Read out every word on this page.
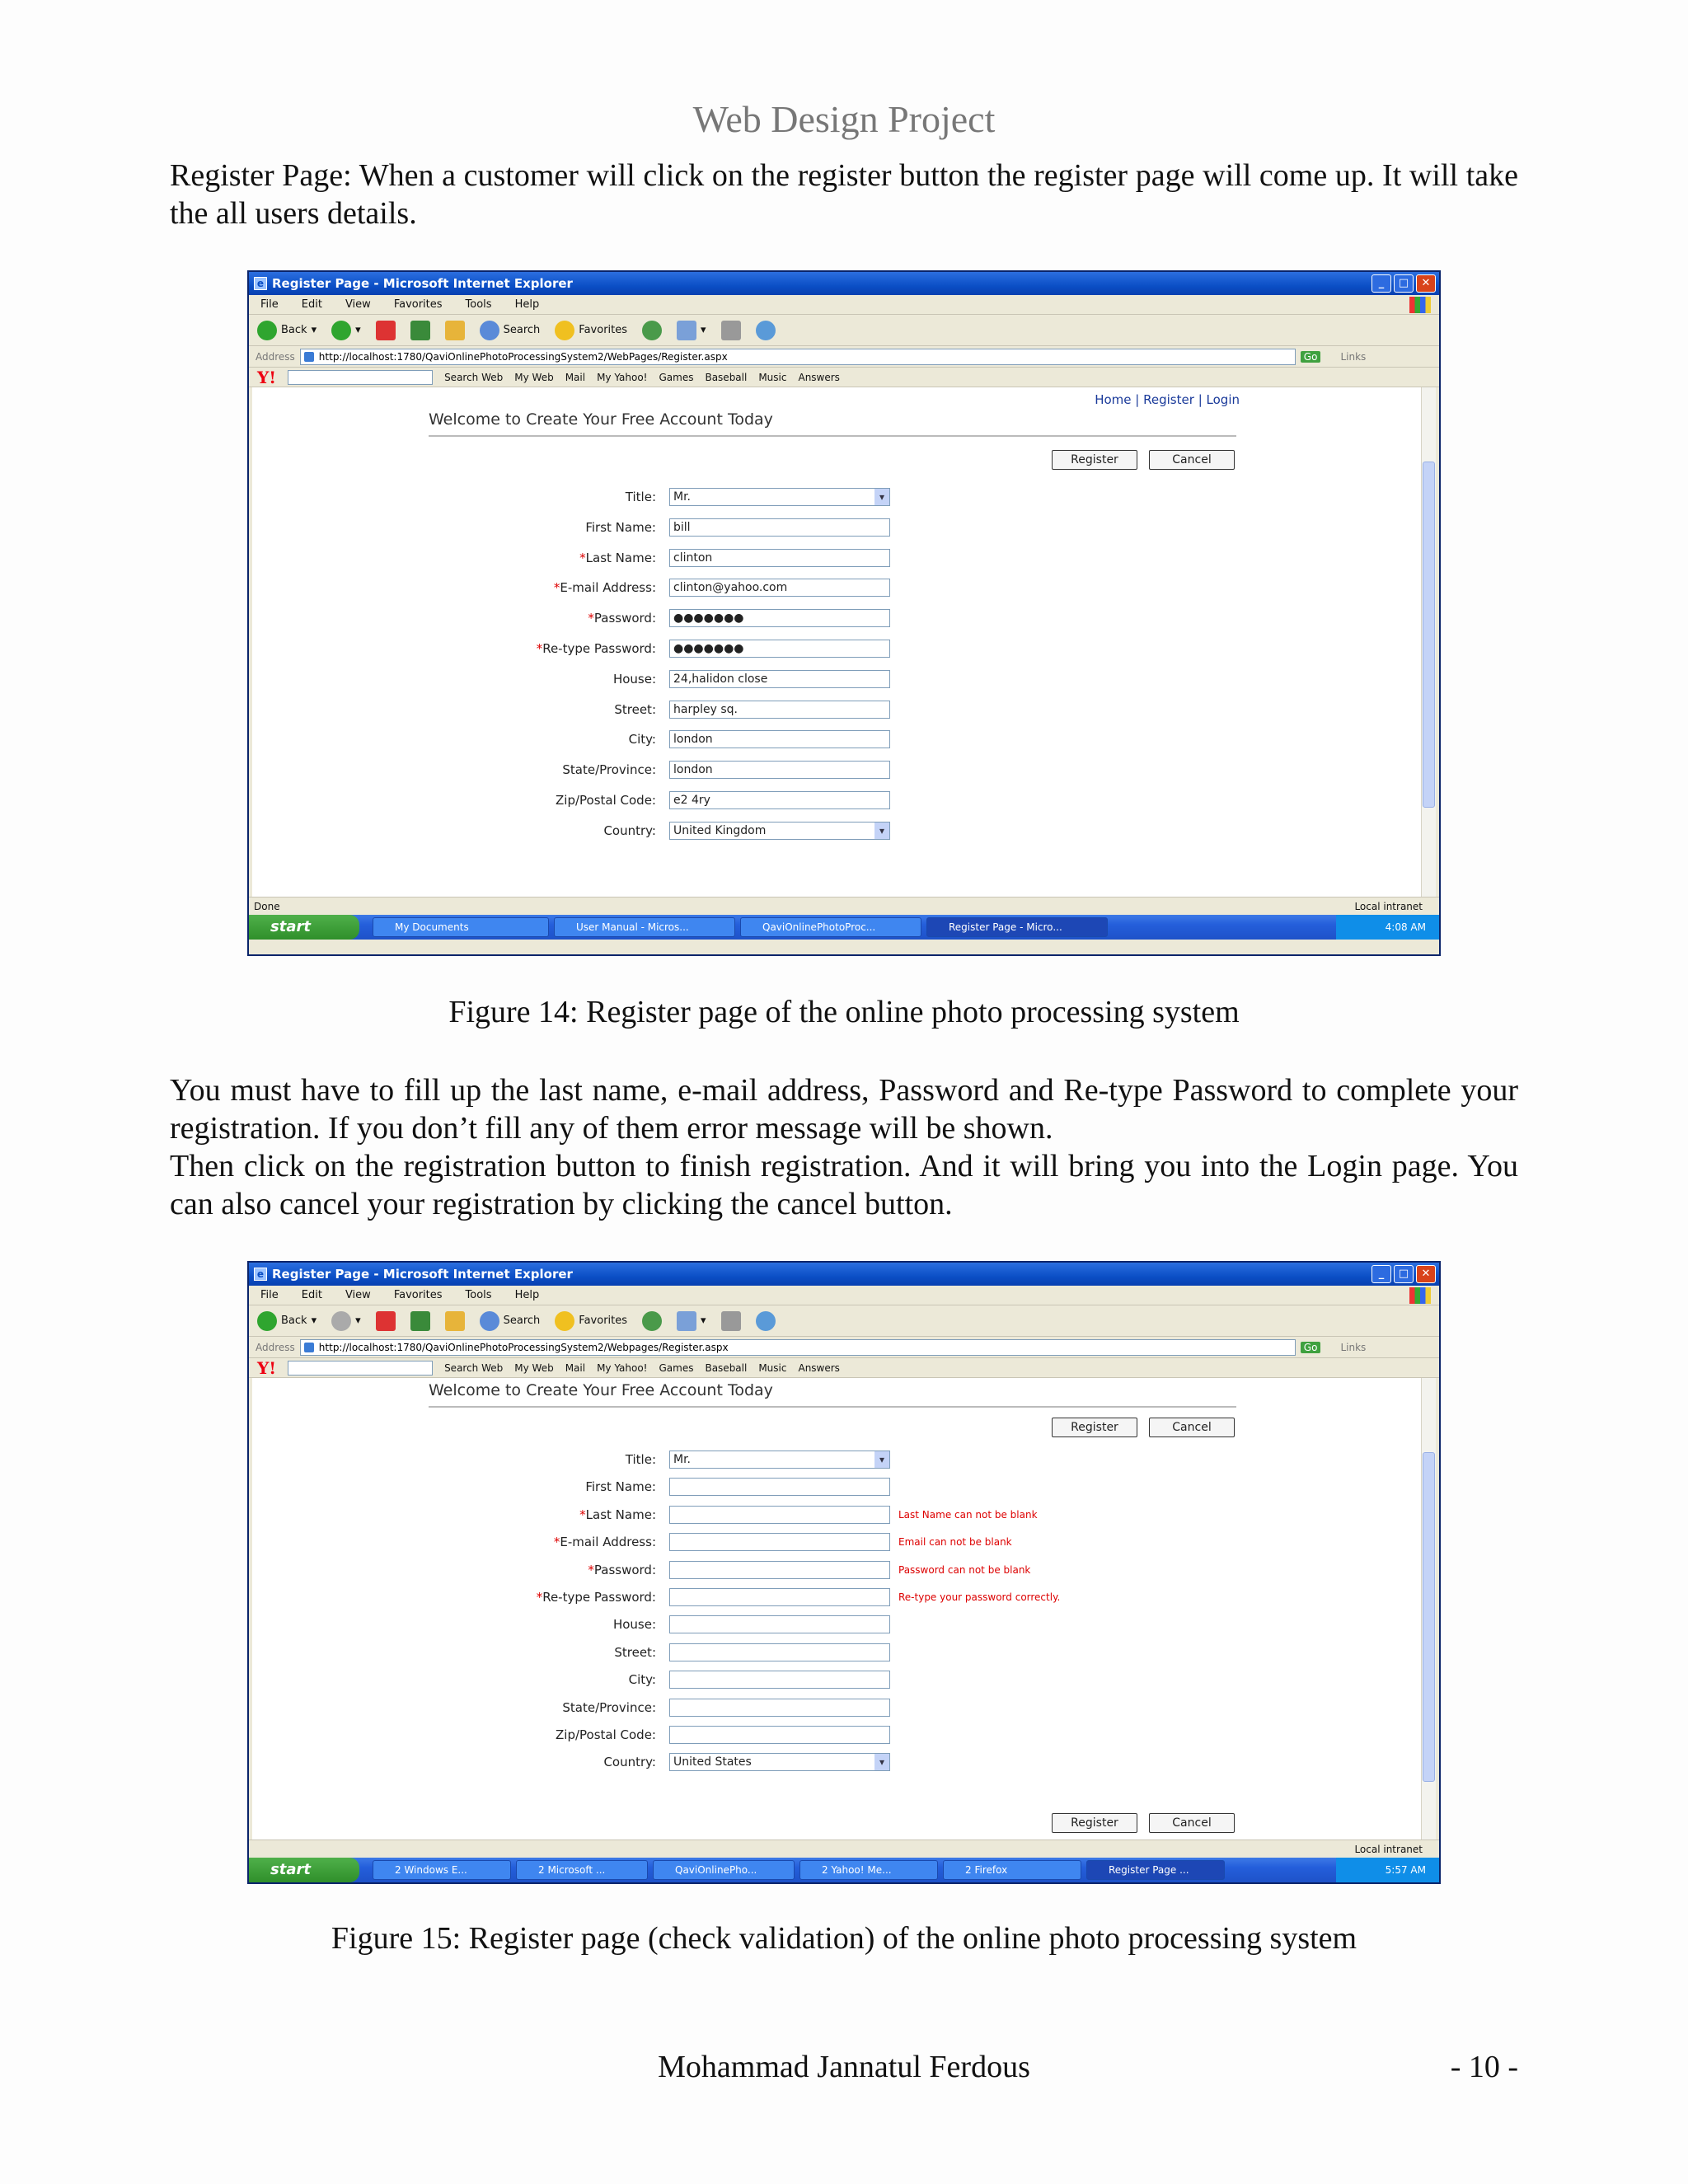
Web Design Project

Register Page: When a customer will click on the register button the register page will come up. It will take the all users details.

e Register Page - Microsoft Internet Explorer	_	□	✕
File Edit View Favorites Tools Help
Back ▾	▾	Search	Favorites	▾
Address	http://localhost:1780/QaviOnlinePhotoProcessingSystem2/WebPages/Register.aspx	Go	Links
Y!	Search Web My Web Mail My Yahoo! Games Baseball Music Answers
Home | Register | Login
Welcome to Create Your Free Account Today
Register	Cancel
Title:	Mr. ▾
First Name:	bill
*Last Name:	clinton
*E-mail Address:	clinton@yahoo.com
*Password:	●●●●●●●
*Re-type Password:	●●●●●●●
House:	24,halidon close
Street:	harpley sq.
City:	london
State/Province:	london
Zip/Postal Code:	e2 4ry
Country:	United Kingdom ▾
Done	Local intranet
start	My Documents	User Manual - Micros...	QaviOnlinePhotoProc...	Register Page - Micro...	4:08 AM
Figure 14: Register page of the online photo processing system

You must have to fill up the last name, e-mail address, Password and Re-type Password to complete your registration. If you don’t fill any of them error message will be shown.

Then click on the registration button to finish registration. And it will bring you into the Login page. You can also cancel your registration by clicking the cancel button.

e Register Page - Microsoft Internet Explorer	_	□	✕
File Edit View Favorites Tools Help
Back ▾	▾	Search	Favorites	▾
Address	http://localhost:1780/QaviOnlinePhotoProcessingSystem2/Webpages/Register.aspx	Go	Links
Y!	Search Web My Web Mail My Yahoo! Games Baseball Music Answers
Welcome to Create Your Free Account Today
Register	Cancel
Title:	Mr. ▾
First Name:
*Last Name:	Last Name can not be blank
*E-mail Address:	Email can not be blank
*Password:	Password can not be blank
*Re-type Password:	Re-type your password correctly.
House:
Street:
City:
State/Province:
Zip/Postal Code:
Country:	United States ▾
Register	Cancel
Local intranet
start	2 Windows E...	2 Microsoft ...	QaviOnlinePho...	2 Yahoo! Me...	2 Firefox	Register Page ...	5:57 AM
Figure 15: Register page (check validation) of the online photo processing system
Mohammad Jannatul Ferdous	- 10 -
